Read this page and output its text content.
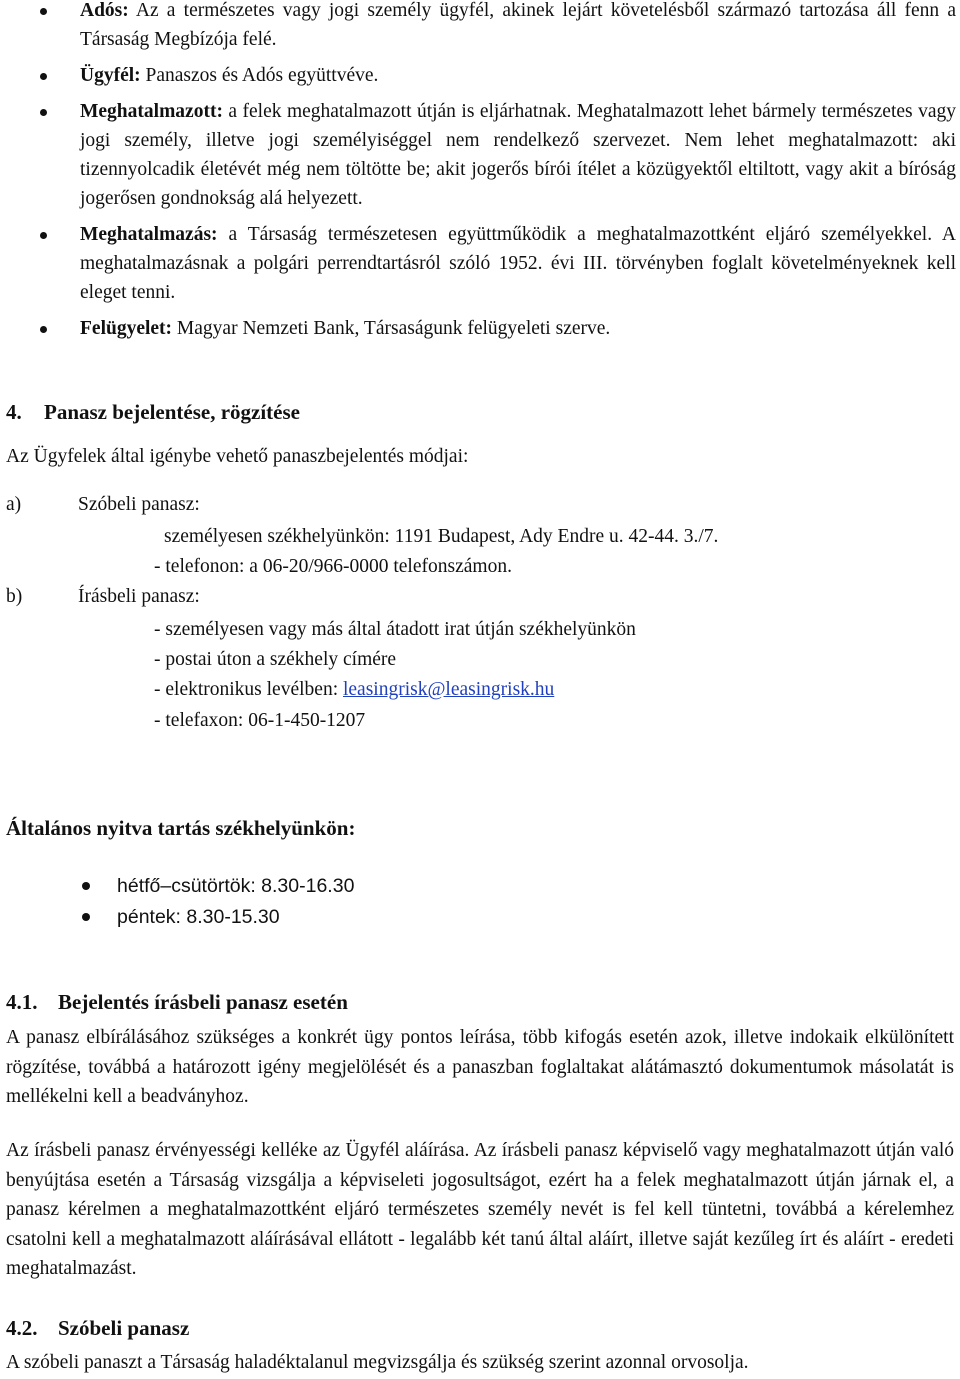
Adós: Az a természetes vagy jogi személy ügyfél, akinek lejárt követelésből származó tartozása áll fenn a Társaság Megbízója felé.
Ügyfél: Panaszos és Adós együttvéve.
Meghatalmazott: a felek meghatalmazott útján is eljárhatnak. Meghatalmazott lehet bármely természetes vagy jogi személy, illetve jogi személyiséggel nem rendelkező szervezet. Nem lehet meghatalmazott: aki tizennyolcadik életévét még nem töltötte be; akit jogerős bírói ítélet a közügyektől eltiltott, vagy akit a bíróság jogerősen gondnokság alá helyezett.
Meghatalmazás: a Társaság természetesen együttműködik a meghatalmazottként eljáró személyekkel. A meghatalmazásnak a polgári perrendtartásról szóló 1952. évi III. törvényben foglalt követelményeknek kell eleget tenni.
Felügyelet: Magyar Nemzeti Bank, Társaságunk felügyeleti szerve.
4. Panasz bejelentése, rögzítése
Az Ügyfelek által igénybe vehető panaszbejelentés módjai:
a)	Szóbeli panasz:
személyesen székhelyünkön: 1191 Budapest, Ady Endre u. 42-44. 3./7.
- telefonon: a 06-20/966-0000 telefonszámon.
b)	Írásbeli panasz:
- személyesen vagy más által átadott irat útján székhelyünkön
- postai úton a székhely címére
- elektronikus levélben: leasingrisk@leasingrisk.hu
- telefaxon: 06-1-450-1207
Általános nyitva tartás székhelyünkön:
hétfő–csütörtök: 8.30-16.30
péntek: 8.30-15.30
4.1. Bejelentés írásbeli panasz esetén
A panasz elbírálásához szükséges a konkrét ügy pontos leírása, több kifogás esetén azok, illetve indokaik elkülönített rögzítése, továbbá a határozott igény megjelölését és a panaszban foglaltakat alátámasztó dokumentumok másolatát is mellékelni kell a beadványhoz.
Az írásbeli panasz érvényességi kelléke az Ügyfél aláírása. Az írásbeli panasz képviselő vagy meghatalmazott útján való benyújtása esetén a Társaság vizsgálja a képviseleti jogosultságot, ezért ha a felek meghatalmazott útján járnak el, a panasz kérelmen a meghatalmazottként eljáró természetes személy nevét is fel kell tüntetni, továbbá a kérelemhez csatolni kell a meghatalmazott aláírásával ellátott - legalább két tanú által aláírt, illetve saját kezűleg írt és aláírt - eredeti meghatalmazást.
4.2. Szóbeli panasz
A szóbeli panaszt a Társaság haladéktalanul megvizsgálja és szükség szerint azonnal orvosolja.
